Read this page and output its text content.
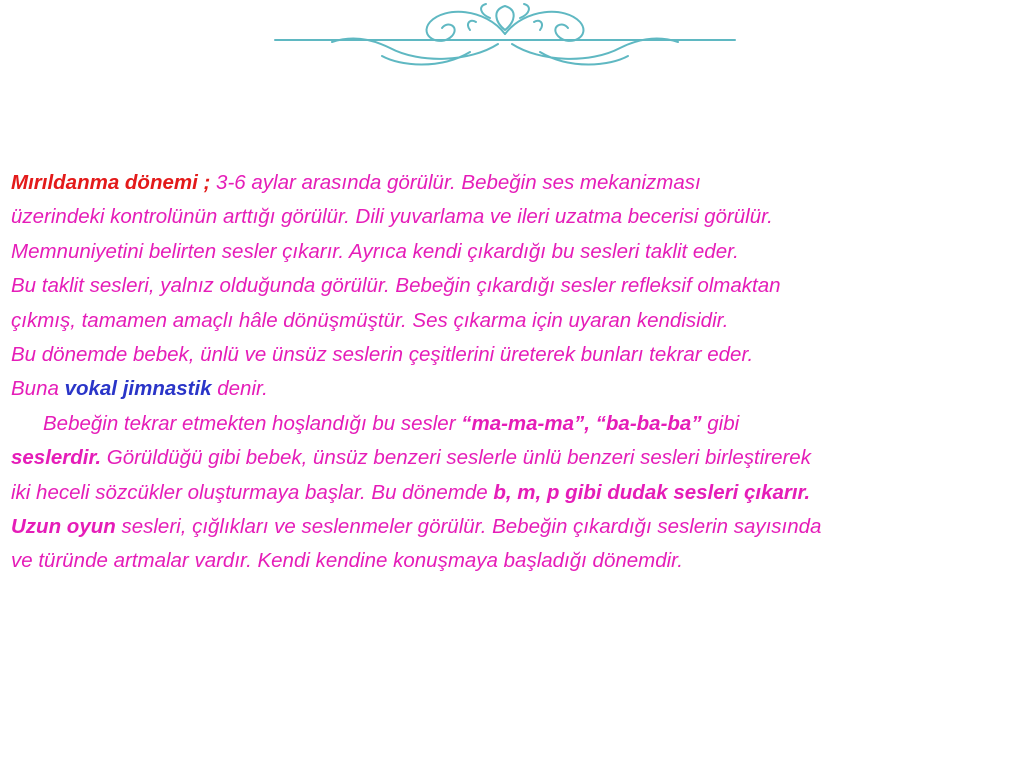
Mırıldanma dönemi ; 3-6 aylar arasında görülür. Bebeğin ses mekanizması
üzerindeki kontrolünün arttığı görülür. Dili yuvarlama ve ileri uzatma becerisi görülür.
Memnuniyetini belirten sesler çıkarır. Ayrıca kendi çıkardığı bu sesleri taklit eder.
Bu taklit sesleri, yalnız olduğunda görülür. Bebeğin çıkardığı sesler refleksif olmaktan
çıkmış, tamamen amaçlı hâle dönüşmüştür. Ses çıkarma için uyaran kendisidir.
Bu dönemde bebek, ünlü ve ünsüz seslerin çeşitlerini üreterek bunları tekrar eder.
Buna vokal jimnastik denir.
Bebeğin tekrar etmekten hoşlandığı bu sesler “ma-ma-ma”, “ba-ba-ba” gibi
seslerdir. Görüldüğü gibi bebek, ünsüz benzeri seslerle ünlü benzeri sesleri birleştirerek
iki heceli sözcükler oluşturmaya başlar. Bu dönemde b, m, p gibi dudak sesleri çıkarır.
Uzun oyun sesleri, çığlıkları ve seslenmeler görülür. Bebeğin çıkardığı seslerin sayısında
ve türünde artmalar vardır. Kendi kendine konuşmaya başladığı dönemdir.
